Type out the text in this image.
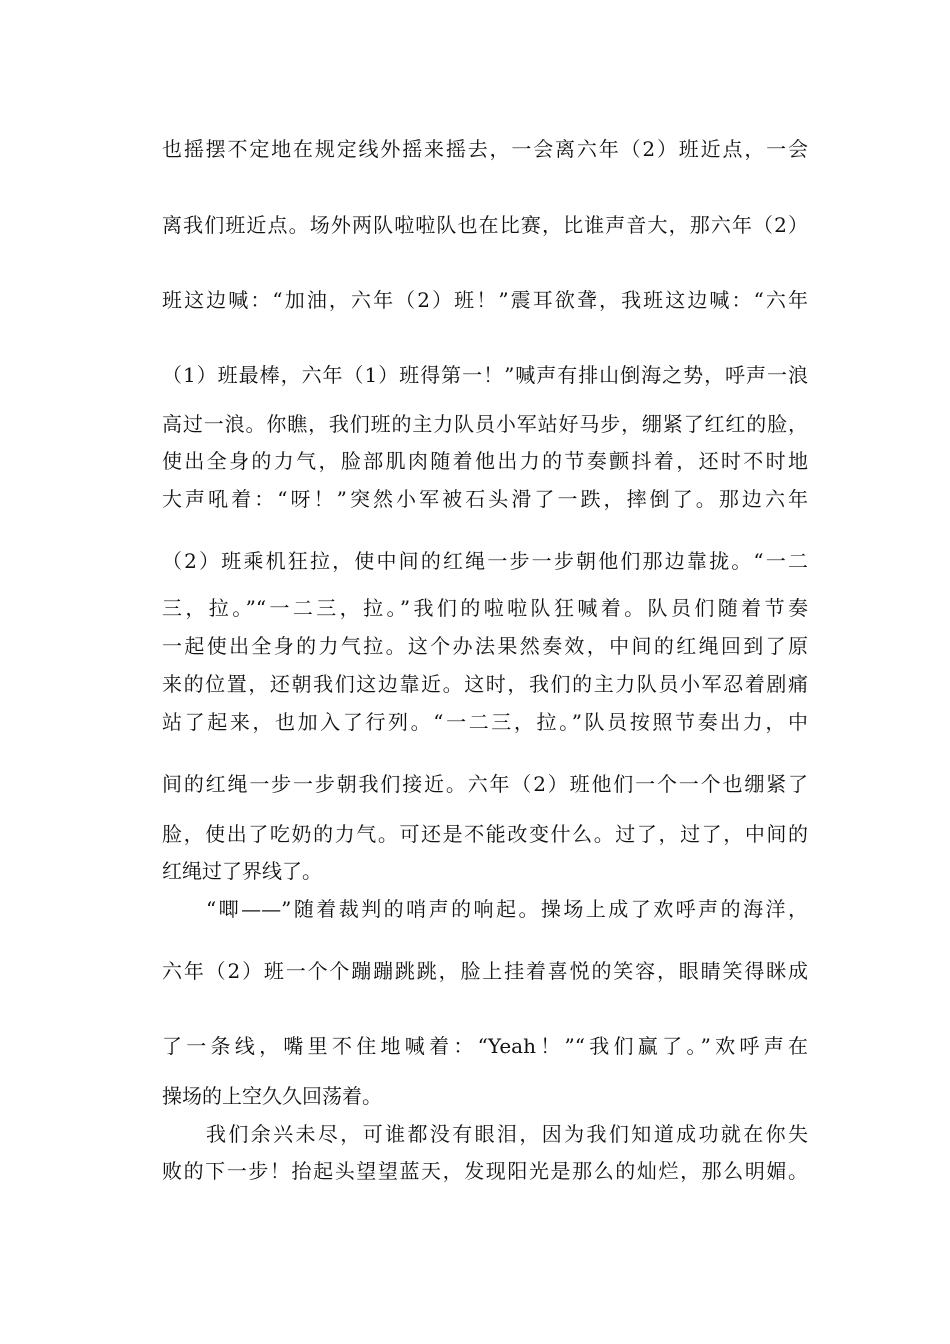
也摇摆不定地在规定线外摇来摇去，一会离六年（2）班近点，一会
离我们班近点。场外两队啦啦队也在比赛，比谁声音大，那六年（2）
班这边喊：“加油，六年（2）班！”震耳欲聋，我班这边喊：“六年
（1）班最棒，六年（1）班得第一！”喊声有排山倒海之势，呼声一浪
高过一浪。你瞧，我们班的主力队员小军站好马步，绷紧了红红的脸，
使出全身的力气，脸部肌肉随着他出力的节奏颤抖着，还时不时地
大声吼着：“呀！”突然小军被石头滑了一跌，摔倒了。那边六年
（2）班乘机狂拉，使中间的红绳一步一步朝他们那边靠拢。“一二
三，拉。”“一二三，拉。”我们的啦啦队狂喊着。队员们随着节奏
一起使出全身的力气拉。这个办法果然奏效，中间的红绳回到了原
来的位置，还朝我们这边靠近。这时，我们的主力队员小军忍着剧痛
站了起来，也加入了行列。“一二三，拉。”队员按照节奏出力，中
间的红绳一步一步朝我们接近。六年（2）班他们一个一个也绷紧了
脸，使出了吃奶的力气。可还是不能改变什么。过了，过了，中间的
红绳过了界线了。
“唧——”随着裁判的哨声的响起。操场上成了欢呼声的海洋，
六年（2）班一个个蹦蹦跳跳，脸上挂着喜悦的笑容，眼睛笑得眯成
了一条线，嘴里不住地喊着：“Yeah！”“我们赢了。”欢呼声在
操场的上空久久回荡着。
我们余兴未尽，可谁都没有眼泪，因为我们知道成功就在你失
败的下一步！抬起头望望蓝天，发现阳光是那么的灿烂，那么明媚。
